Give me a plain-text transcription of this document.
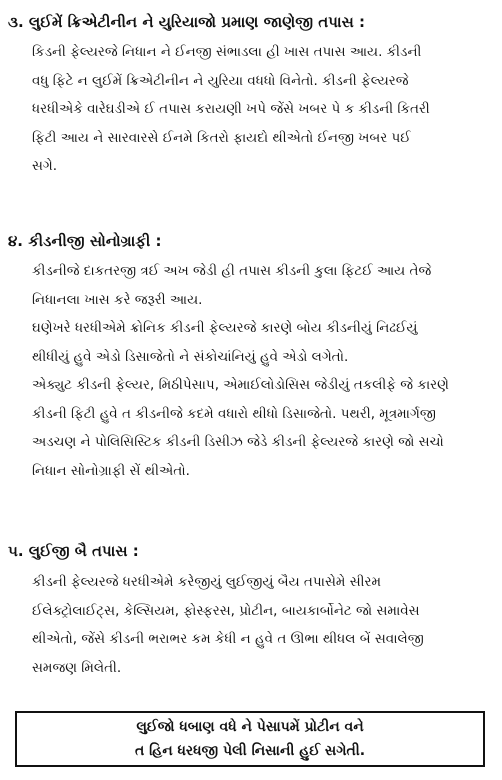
૩. લુઈમેં ક્રિએટીનીન ને યુરિયાજો પ્રમાણ જાણેજી તપાસ :
કિડની ફેલ્યરજે નિધાન ને ઈનજી સંભાડલા હી ખાસ તપાસ આય. કીડની
વધુ ફિટે ન લુઈમેં ક્રિએટીનીન ને યુરિયા વધધો વિનેતો. કીડની ફેલ્યરજે
ધરધીએકે વારેઘડીએ ઈ તપાસ કરાયણી ખપે જેંસે ખબર પે ક કીડની કિતરી
ફિટી આય ને સારવારસે ઈનમે કિતરો ફાયદો થીએતો ઈનજી ખબર પઈ
સગે.
૪. કીડનીજી સોનોગ્રાફી :
કીડનીજે દાકતરજી ત્રઈ અખ જેડી હી તપાસ કીડની કુલા ફિટઈ આય તેજે
નિધાનલા ખાસ કરે જરૂરી આય.
ઘણેખરે ધરધીએમે ક્રોનિક કીડની ફેલ્યરજે કારણે બોય કીડનીયું નિઢઈયું
થીધીયું હુવે એડો ડિસાજેતો ને સંકોચાંનિયું હુવે એડો લગેતો.
એક્યુટ કીડની ફેલ્યર, મિઠીપેસાપ, એમાઈલોડોસિસ જેડીયું તકલીફે જે કારણે
કીડની ફિટી હુવે ત કીડનીજે કદમે વધારો થીધો ડિસાજેતો. પથરી, મૂત્રમાર્ગજી
અડચણ ને પોલિસિસ્ટિક કીડની ડિસીઝ જેડે કીડની ફેલ્યરજે કારણે જો સચો
નિધાન સોનોગ્રાફી સેં થીએતો.
૫. લુઈજી બૈ તપાસ :
કીડની ફેલ્યરજે ધરધીએમે કરેજીયું લુઈજીયું બૈય તપાસેમે સીરમ
ઈલેક્ટ્રોલાઈટ્સ, કેલ્સિયમ, ફોસ્ફરસ, પ્રોટીન, બાયકાર્બોનેટ જો સમાવેસ
થીએતો, જેંસે કીડની ભરાભર કમ કેધી ન હુવે ત ઊભા થીધલ બેં સવાલેજી
સમજણ મિલેતી.
લુઈજો ધબાણ વધે ને પેસાપમેં પ્રોટીન વને
ત હિન ધરધજી પેલી નિસાની હુઈ સગેતી.
